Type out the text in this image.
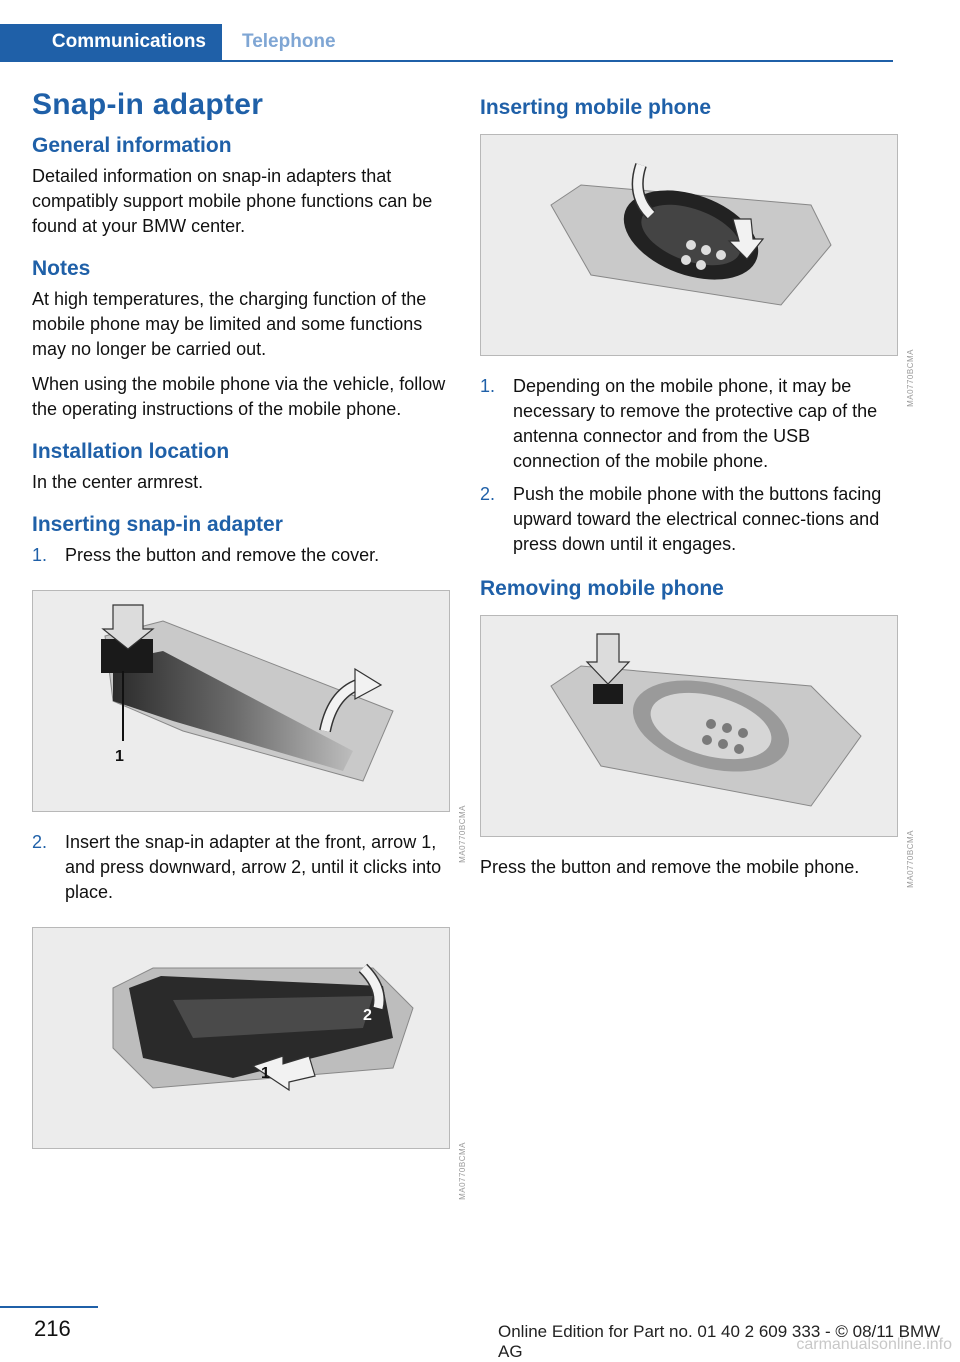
Communications	Telephone
Snap-in adapter
General information

Detailed information on snap-in adapters that compatibly support mobile phone functions can be found at your BMW center.

Notes

At high temperatures, the charging function of the mobile phone may be limited and some functions may no longer be carried out.

When using the mobile phone via the vehicle, follow the operating instructions of the mobile phone.

Installation location

In the center armrest.

Inserting snap-in adapter
1. Press the button and remove the cover.
1
MA0770BCMA
2. Insert the snap-in adapter at the front, arrow 1, and press downward, arrow 2, until it clicks into place.
2
1
MA0770BCMA
Inserting mobile phone
MA0770BCMA
1. Depending on the mobile phone, it may be necessary to remove the protective cap of the antenna connector and from the USB connection of the mobile phone.
2. Push the mobile phone with the buttons facing upward toward the electrical connec-tions and press down until it engages.
Removing mobile phone
MA0770BCMA

Press the button and remove the mobile phone.

216	Online Edition for Part no. 01 40 2 609 333 - © 08/11 BMW AG	carmanualsonline.info
